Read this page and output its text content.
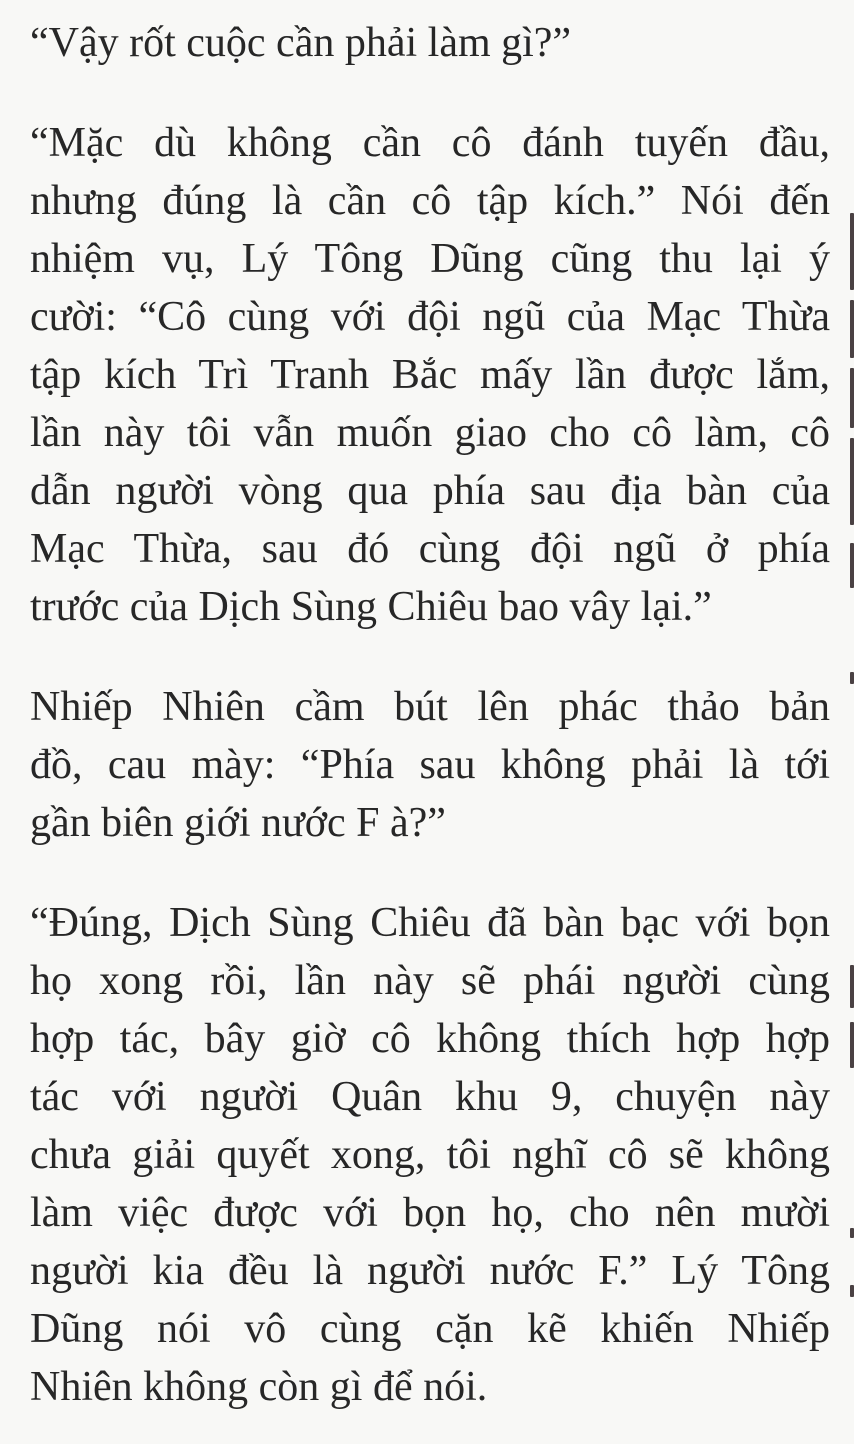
“Vậy rốt cuộc cần phải làm gì?”
“Mặc dù không cần cô đánh tuyến đầu,
nhưng đúng là cần cô tập kích.” Nói đến
nhiệm vụ, Lý Tông Dũng cũng thu lại ý
cười: “Cô cùng với đội ngũ của Mạc Thừa
tập kích Trì Tranh Bắc mấy lần được lắm,
lần này tôi vẫn muốn giao cho cô làm, cô
dẫn người vòng qua phía sau địa bàn của
Mạc Thừa, sau đó cùng đội ngũ ở phía
trước của Dịch Sùng Chiêu bao vây lại.”
Nhiếp Nhiên cầm bút lên phác thảo bản
đồ, cau mày: “Phía sau không phải là tới
gần biên giới nước F à?”
“Đúng, Dịch Sùng Chiêu đã bàn bạc với bọn
họ xong rồi, lần này sẽ phái người cùng
hợp tác, bây giờ cô không thích hợp hợp
tác với người Quân khu 9, chuyện này
chưa giải quyết xong, tôi nghĩ cô sẽ không
làm việc được với bọn họ, cho nên mười
người kia đều là người nước F.” Lý Tông
Dũng nói vô cùng cặn kẽ khiến Nhiếp
Nhiên không còn gì để nói.
